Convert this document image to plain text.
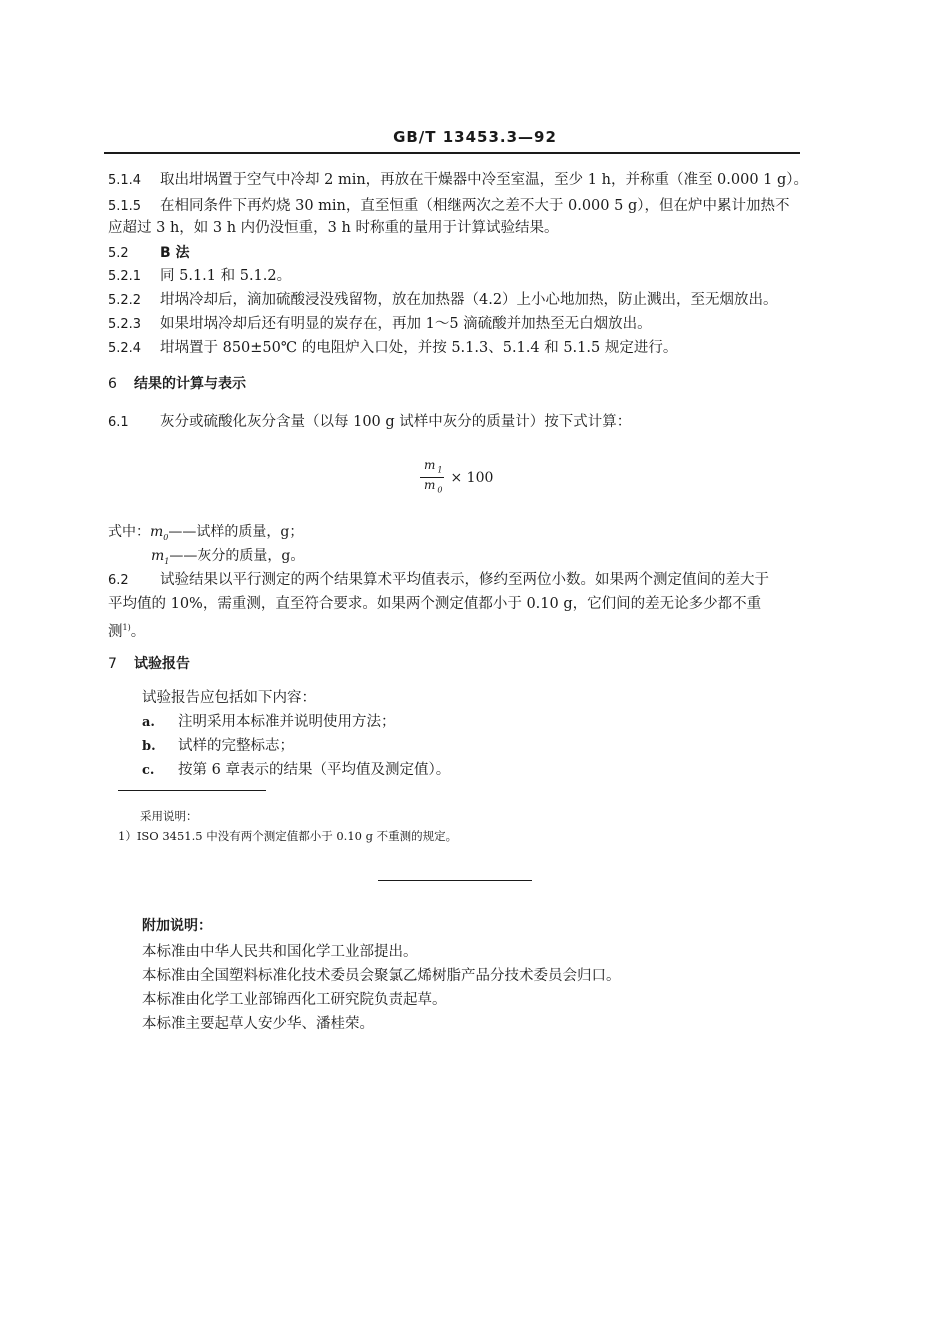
GB/T 13453.3—92
5.1.4 取出坩埚置于空气中冷却 2 min，再放在干燥器中冷至室温，至少 1 h，并称重（准至 0.000 1 g）。
5.1.5 在相同条件下再灼烧 30 min，直至恒重（相继两次之差不大于 0.000 5 g），但在炉中累计加热不
应超过 3 h，如 3 h 内仍没恒重，3 h 时称重的量用于计算试验结果。
5.2 B 法
5.2.1 同 5.1.1 和 5.1.2。
5.2.2 坩埚冷却后，滴加硫酸浸没残留物，放在加热器（4.2）上小心地加热，防止溅出，至无烟放出。
5.2.3 如果坩埚冷却后还有明显的炭存在，再加 1～5 滴硫酸并加热至无白烟放出。
5.2.4 坩埚置于 850±50℃ 的电阻炉入口处，并按 5.1.3、5.1.4 和 5.1.5 规定进行。
6 结果的计算与表示
6.1 灰分或硫酸化灰分含量（以每 100 g 试样中灰分的质量计）按下式计算：
$\frac{m _1}{m _0} \times 100$
式中：$m_0——$试样的质量，g；
$m_1——$灰分的质量，g。
6.2 试验结果以平行测定的两个结果算术平均值表示，修约至两位小数。如果两个测定值间的差大于
平均值的 10%，需重测，直至符合要求。如果两个测定值都小于 0.10 g，它们间的差无论多少都不重
测$^{1)}$。
7 试验报告
试验报告应包括如下内容：
a. 注明采用本标准并说明使用方法；
b. 试样的完整标志；
c. 按第 6 章表示的结果（平均值及测定值）。
采用说明：
1）ISO 3451.5 中没有两个测定值都小于 0.10 g 不重测的规定。
附加说明：
本标准由中华人民共和国化学工业部提出。
本标准由全国塑料标准化技术委员会聚氯乙烯树脂产品分技术委员会归口。
本标准由化学工业部锦西化工研究院负责起草。
本标准主要起草人安少华、潘桂荣。
